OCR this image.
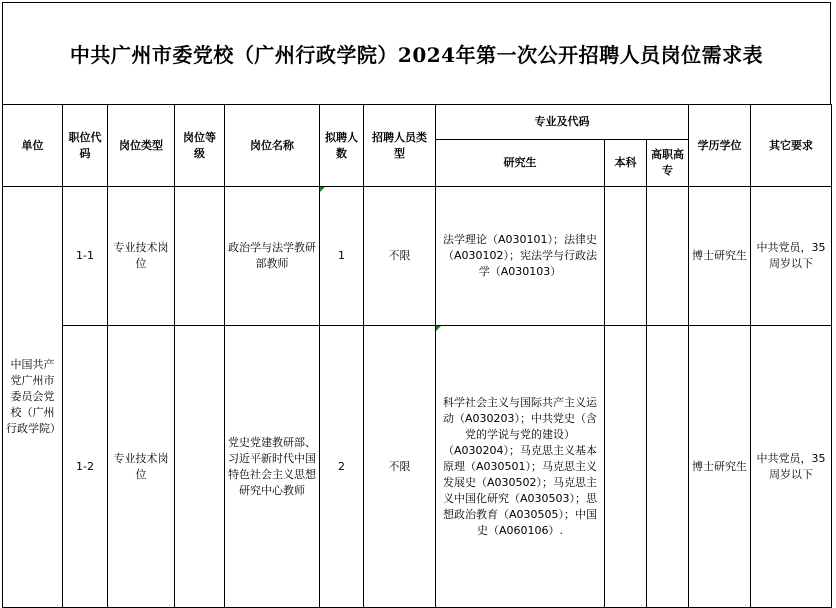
中共广州市委党校（广州行政学院）2024年第一次公开招聘人员岗位需求表
单位	职位代码	岗位类型	岗位等级	岗位名称	拟聘人数	招聘人员类型	专业及代码			学历学位	其它要求
							研究生	本科	高职高专		
中国共产党广州市委员会党校（广州行政学院）	1-1	专业技术岗位		政治学与法学教研部教师	1	不限	法学理论（A030101）；法律史（A030102）；宪法学与行政法学（A030103）			博士研究生	中共党员，35周岁以下
	1-2	专业技术岗位		党史党建教研部、习近平新时代中国特色社会主义思想研究中心教师	2	不限	科学社会主义与国际共产主义运动（A030203）；中共党史（含党的学说与党的建设）（A030204）；马克思主义基本原理（A030501）；马克思主义发展史（A030502）；马克思主义中国化研究（A030503）；思想政治教育（A030505）；中国史（A060106）.			博士研究生	中共党员，35周岁以下
